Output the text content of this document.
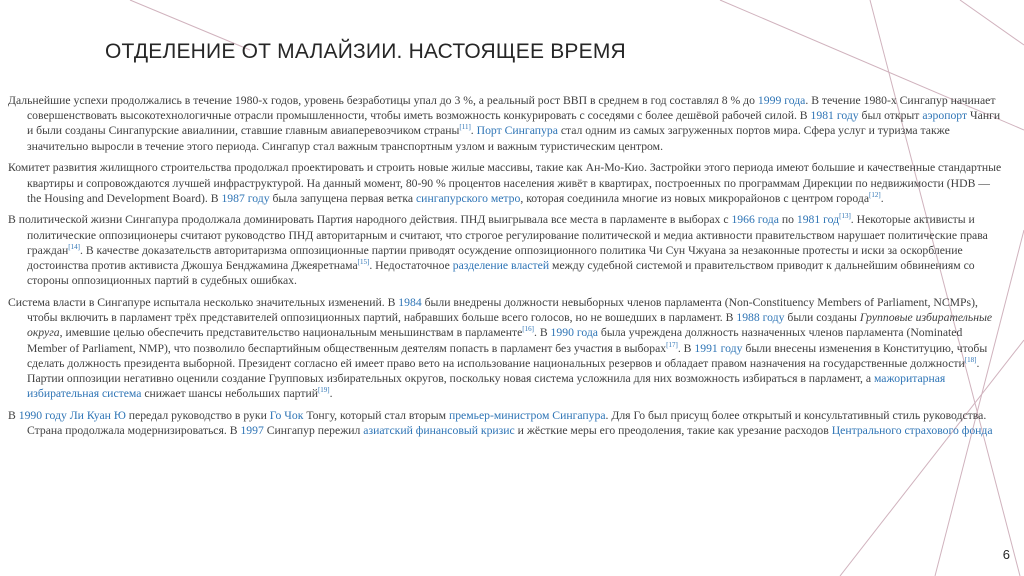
ОТДЕЛЕНИЕ ОТ МАЛАЙЗИИ. НАСТОЯЩЕЕ ВРЕМЯ

Дальнейшие успехи продолжались в течение 1980-х годов, уровень безработицы упал до 3 %, а реальный рост ВВП в среднем в год составлял 8 % до 1999 года. В течение 1980-х Сингапур начинает совершенствовать высокотехнологичные отрасли промышленности, чтобы иметь возможность конкурировать с соседями с более дешёвой рабочей силой. В 1981 году был открыт аэропорт Чанги и были созданы Сингапурские авиалинии, ставшие главным авиаперевозчиком страны[11]. Порт Сингапура стал одним из самых загруженных портов мира. Сфера услуг и туризма также значительно выросли в течение этого периода. Сингапур стал важным транспортным узлом и важным туристическим центром.

Комитет развития жилищного строительства продолжал проектировать и строить новые жилые массивы, такие как Ан-Мо-Кио. Застройки этого периода имеют большие и качественные стандартные квартиры и сопровождаются лучшей инфраструктурой. На данный момент, 80-90 % процентов населения живёт в квартирах, построенных по программам Дирекции по недвижимости (HDB — the Housing and Development Board). В 1987 году была запущена первая ветка сингапурского метро, которая соединила многие из новых микрорайонов с центром города[12].

В политической жизни Сингапура продолжала доминировать Партия народного действия. ПНД выигрывала все места в парламенте в выборах с 1966 года по 1981 год[13]. Некоторые активисты и политические оппозиционеры считают руководство ПНД авторитарным и считают, что строгое регулирование политической и медиа активности правительством нарушает политические права граждан[14]. В качестве доказательств авторитаризма оппозиционные партии приводят осуждение оппозиционного политика Чи Сун Чжуана за незаконные протесты и иски за оскорбление достоинства против активиста Джошуа Бенджамина Джеяретнама[15]. Недостаточное разделение властей между судебной системой и правительством приводит к дальнейшим обвинениям со стороны оппозиционных партий в судебных ошибках.

Система власти в Сингапуре испытала несколько значительных изменений. В 1984 были внедрены должности невыборных членов парламента (Non-Constituency Members of Parliament, NCMPs), чтобы включить в парламент трёх представителей оппозиционных партий, набравших больше всего голосов, но не вошедших в парламент. В 1988 году были созданы Групповые избирательные округа, имевшие целью обеспечить представительство национальным меньшинствам в парламенте[16]. В 1990 года была учреждена должность назначенных членов парламента (Nominated Member of Parliament, NMP), что позволило беспартийным общественным деятелям попасть в парламент без участия в выборах[17]. В 1991 году были внесены изменения в Конституцию, чтобы сделать должность президента выборной. Президент согласно ей имеет право вето на использование национальных резервов и обладает правом назначения на государственные должности[18]. Партии оппозиции негативно оценили создание Групповых избирательных округов, поскольку новая система усложнила для них возможность избираться в парламент, а мажоритарная избирательная система снижает шансы небольших партий[19].

В 1990 году Ли Куан Ю передал руководство в руки Го Чок Тонгу, который стал вторым премьер-министром Сингапура. Для Го был присущ более открытый и консультативный стиль руководства. Страна продолжала модернизироваться. В 1997 Сингапур пережил азиатский финансовый кризис и жёсткие меры его преодоления, такие как урезание расходов Центрального страхового фонда

6
